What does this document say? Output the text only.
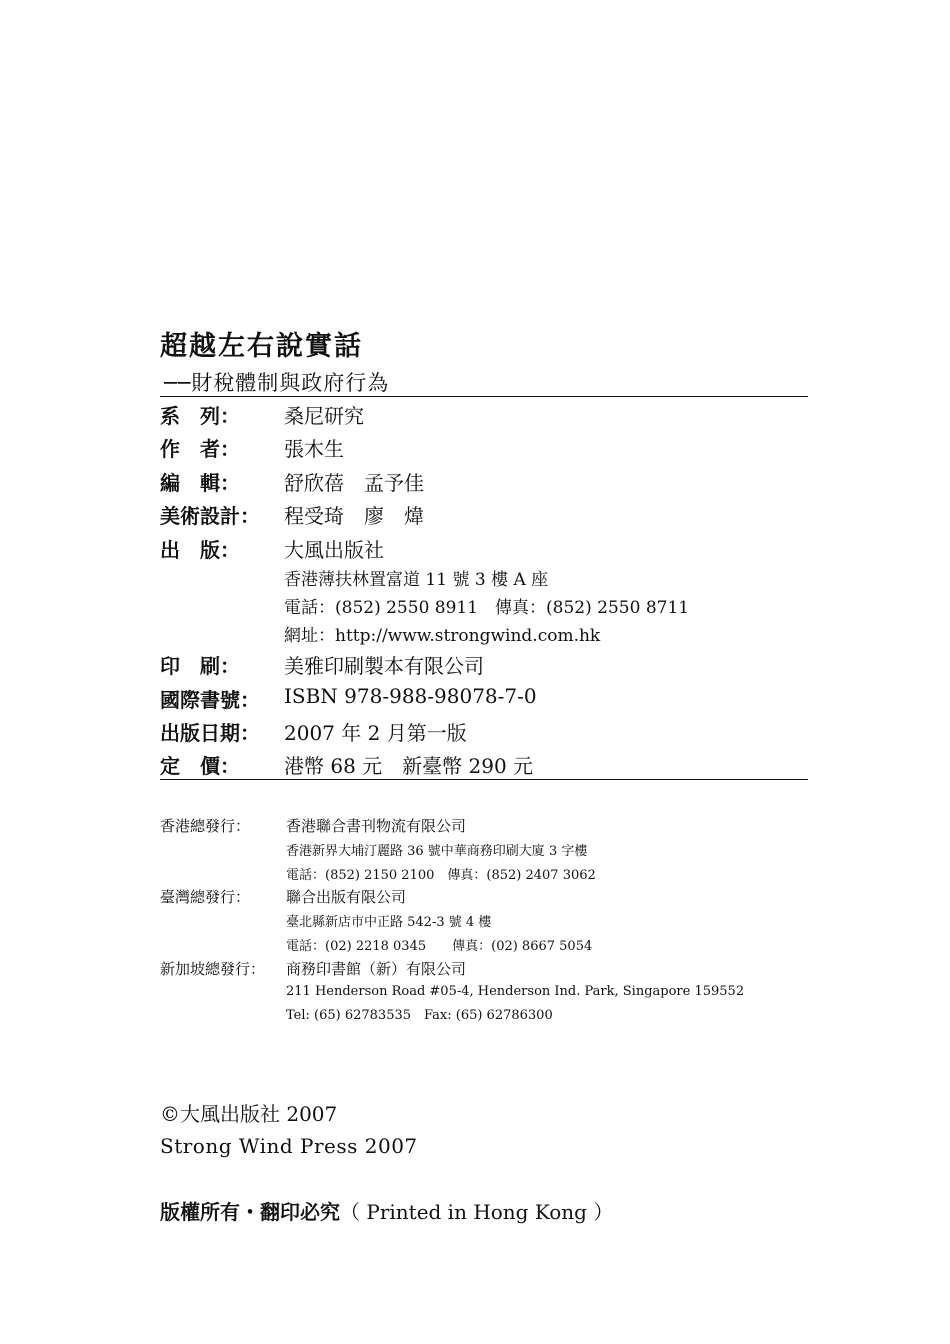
超越左右說實話
──財稅體制與政府行為
系　列：	桑尼研究
作　者：	張木生
編　輯：	舒欣蓓　孟予佳
美術設計：	程受琦　廖　煒
出　版：	大風出版社
香港薄扶林置富道 11 號 3 樓 A 座
電話：(852) 2550 8911　傳真：(852) 2550 8711
網址：http://www.strongwind.com.hk
印　刷：	美雅印刷製本有限公司
國際書號：	ISBN 978-988-98078-7-0
出版日期：	2007 年 2 月第一版
定　價：	港幣 68 元　新臺幣 290 元
香港總發行： 香港聯合書刊物流有限公司
香港新界大埔汀麗路 36 號中華商務印刷大廈 3 字樓
電話：(852) 2150 2100　傳真：(852) 2407 3062
臺灣總發行： 聯合出版有限公司
臺北縣新店市中正路 542-3 號 4 樓
電話：(02) 2218 0345　　傳真：(02) 8667 5054
新加坡總發行： 商務印書館（新）有限公司
211 Henderson Road #05-4, Henderson Ind. Park, Singapore 159552
Tel: (65) 62783535　Fax: (65) 62786300
©大風出版社 2007
Strong Wind Press 2007
版權所有・翻印必究（ Printed in Hong Kong ）
